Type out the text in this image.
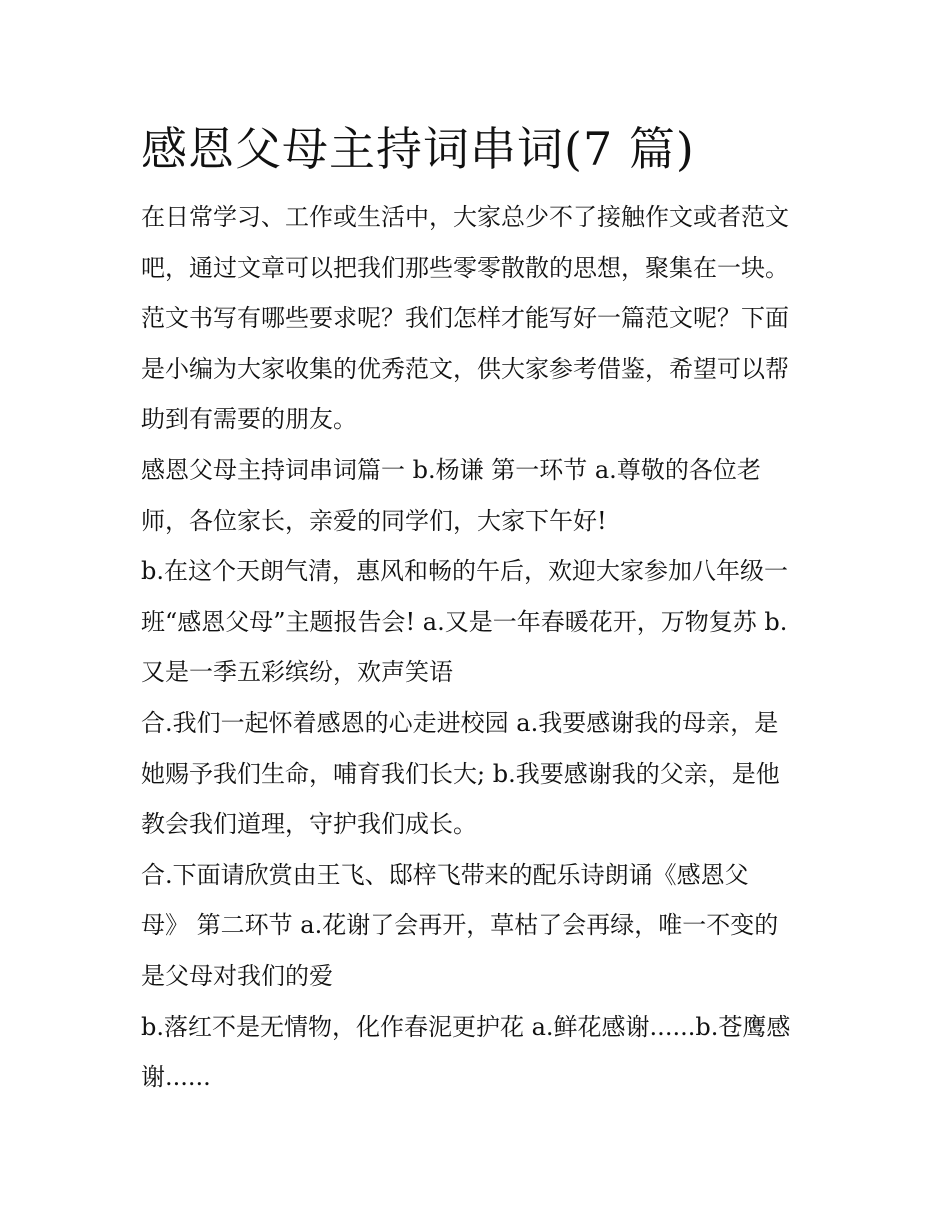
感恩父母主持词串词(7 篇)

在日常学习、工作或生活中，大家总少不了接触作文或者范文
吧，通过文章可以把我们那些零零散散的思想，聚集在一块。
范文书写有哪些要求呢？我们怎样才能写好一篇范文呢？下面
是小编为大家收集的优秀范文，供大家参考借鉴，希望可以帮
助到有需要的朋友。

感恩父母主持词串词篇一 b.杨谦 第一环节 a.尊敬的各位老
师，各位家长，亲爱的同学们，大家下午好!

b.在这个天朗气清，惠风和畅的午后，欢迎大家参加八年级一
班“感恩父母”主题报告会! a.又是一年春暖花开，万物复苏 b.
又是一季五彩缤纷，欢声笑语

合.我们一起怀着感恩的心走进校园 a.我要感谢我的母亲，是
她赐予我们生命，哺育我们长大; b.我要感谢我的父亲，是他
教会我们道理，守护我们成长。

合.下面请欣赏由王飞、邸梓飞带来的配乐诗朗诵《感恩父
母》 第二环节 a.花谢了会再开，草枯了会再绿，唯一不变的
是父母对我们的爱

b.落红不是无情物，化作春泥更护花 a.鲜花感谢......b.苍鹰感
谢......
